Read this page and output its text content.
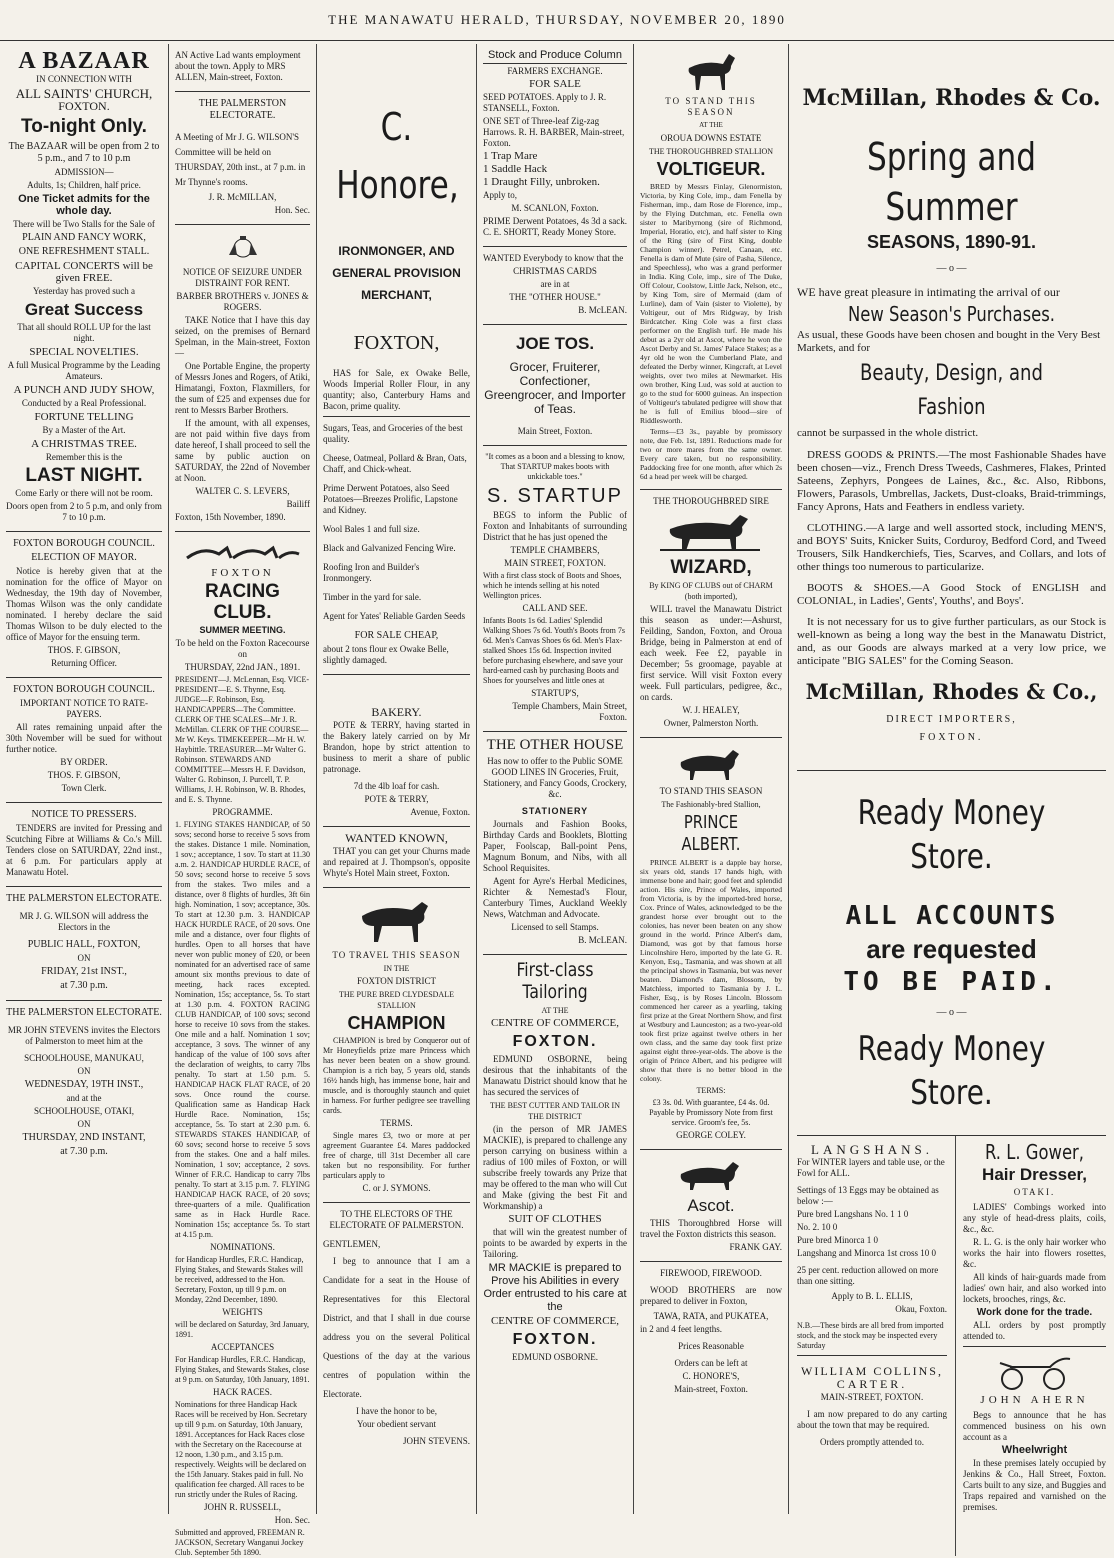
THE MANAWATU HERALD, THURSDAY, NOVEMBER 20, 1890
A BAZAAR
IN CONNECTION WITH
ALL SAINTS' CHURCH,
FOXTON.
To-night Only.

The BAZAAR will be open from 2 to 5 p.m., and 7 to 10 p.m

ADMISSION—

Adults, 1s; Children, half price.

One Ticket admits for the whole day.

There will be Two Stalls for the Sale of

PLAIN AND FANCY WORK,

ONE REFRESHMENT STALL.

CAPITAL CONCERTS will be given FREE.

Yesterday has proved such a

Great Success

That all should ROLL UP for the last night.

SPECIAL NOVELTIES.

A full Musical Programme by the Leading Amateurs.

A PUNCH AND JUDY SHOW,

Conducted by a Real Professional.

FORTUNE TELLING

By a Master of the Art.

A CHRISTMAS TREE.

Remember this is the

LAST NIGHT.

Come Early or there will not be room.

Doors open from 2 to 5 p.m, and only from 7 to 10 p.m.

FOXTON BOROUGH COUNCIL.

ELECTION OF MAYOR.

Notice is hereby given that at the nomination for the office of Mayor on Wednesday, the 19th day of November, Thomas Wilson was the only candidate nominated. I hereby declare the said Thomas Wilson to be duly elected to the office of Mayor for the ensuing term.

THOS. F. GIBSON,

Returning Officer.

FOXTON BOROUGH COUNCIL.

IMPORTANT NOTICE TO RATE-PAYERS.

All rates remaining unpaid after the 30th November will be sued for without further notice.

BY ORDER.

THOS. F. GIBSON,

Town Clerk.

NOTICE TO PRESSERS.

TENDERS are invited for Pressing and Scutching Fibre at Williams & Co.'s Mill. Tenders close on SATURDAY, 22nd inst., at 6 p.m. For particulars apply at Manawatu Hotel.

THE PALMERSTON ELECTORATE.

MR J. G. WILSON will address the Electors in the

PUBLIC HALL, FOXTON,

ON

FRIDAY, 21st INST.,

at 7.30 p.m.

THE PALMERSTON ELECTORATE.

MR JOHN STEVENS invites the Electors of Palmerston to meet him at the

SCHOOLHOUSE, MANUKAU,

ON

WEDNESDAY, 19TH INST.,

and at the

SCHOOLHOUSE, OTAKI,

ON

THURSDAY, 2ND INSTANT,

at 7.30 p.m.

AN Active Lad wants employment about the town. Apply to MRS ALLEN, Main-street, Foxton.

THE PALMERSTON ELECTORATE.

A Meeting of Mr J. G. WILSON'S Committee will be held on THURSDAY, 20th inst., at 7 p.m. in Mr Thynne's rooms.

J. R. McMILLAN,

Hon. Sec.

NOTICE OF SEIZURE UNDER DISTRAINT FOR RENT.

BARBER BROTHERS v. JONES & ROGERS.

TAKE Notice that I have this day seized, on the premises of Bernard Spelman, in the Main-street, Foxton—

One Portable Engine, the property of Messrs Jones and Rogers, of Atiki, Himatangi, Foxton, Flaxmillers, for the sum of £25 and expenses due for rent to Messrs Barber Brothers.

If the amount, with all expenses, are not paid within five days from date hereof, I shall proceed to sell the same by public auction on SATURDAY, the 22nd of November at Noon.

WALTER C. S. LEVERS,

Bailiff

Foxton, 15th November, 1890.

FOXTON

RACING CLUB.

SUMMER MEETING.

To be held on the Foxton Racecourse on

THURSDAY, 22nd JAN., 1891.

PRESIDENT—J. McLennan, Esq. VICE-PRESIDENT—E. S. Thynne, Esq. JUDGE—F. Robinson, Esq. HANDICAPPERS—The Committee. CLERK OF THE SCALES—Mr J. R. McMillan. CLERK OF THE COURSE—Mr W. Keys. TIMEKEEPER—Mr H. W. Haybittle. TREASURER—Mr Walter G. Robinson. STEWARDS AND COMMITTEE—Messrs H. F. Davidson, Walter G. Robinson, J. Purcell, T. P. Williams, J. H. Robinson, W. B. Rhodes, and E. S. Thynne.

PROGRAMME.

1. FLYING STAKES HANDICAP, of 50 sovs; second horse to receive 5 sovs from the stakes. Distance 1 mile. Nomination, 1 sov.; acceptance, 1 sov. To start at 11.30 a.m. 2. HANDICAP HURDLE RACE, of 50 sovs; second horse to receive 5 sovs from the stakes. Two miles and a distance, over 8 flights of hurdles, 3ft 6in high. Nomination, 1 sov; acceptance, 30s. To start at 12.30 p.m. 3. HANDICAP HACK HURDLE RACE, of 20 sovs. One mile and a distance, over four flights of hurdles. Open to all horses that have never won public money of £20, or been nominated for an advertised race of same amount six months previous to date of meeting, hack races excepted. Nomination, 15s; acceptance, 5s. To start at 1.30 p.m. 4. FOXTON RACING CLUB HANDICAP, of 100 sovs; second horse to receive 10 sovs from the stakes. One mile and a half. Nomination 1 sov; acceptance, 3 sovs. The winner of any handicap of the value of 100 sovs after the declaration of weights, to carry 7lbs penalty. To start at 1.50 p.m. 5. HANDICAP HACK FLAT RACE, of 20 sovs. Once round the course. Qualification same as Handicap Hack Hurdle Race. Nomination, 15s; acceptance, 5s. To start at 2.30 p.m. 6. STEWARDS STAKES HANDICAP, of 60 sovs; second horse to receive 5 sovs from the stakes. One and a half miles. Nomination, 1 sov; acceptance, 2 sovs. Winner of F.R.C. Handicap to carry 7lbs penalty. To start at 3.15 p.m. 7. FLYING HANDICAP HACK RACE, of 20 sovs; three-quarters of a mile. Qualification same as in Hack Hurdle Race. Nomination 15s; acceptance 5s. To start at 4.15 p.m.

NOMINATIONS.

for Handicap Hurdles, F.R.C. Handicap, Flying Stakes, and Stewards Stakes will be received, addressed to the Hon. Secretary, Foxton, up till 9 p.m. on Monday, 22nd December, 1890.

WEIGHTS

will be declared on Saturday, 3rd January, 1891.

ACCEPTANCES

For Handicap Hurdles, F.R.C. Handicap, Flying Stakes, and Stewards Stakes, close at 9 p.m. on Saturday, 10th January, 1891.

HACK RACES.

Nominations for three Handicap Hack Races will be received by Hon. Secretary up till 9 p.m. on Saturday, 10th January, 1891. Acceptances for Hack Races close with the Secretary on the Racecourse at 12 noon, 1.30 p.m., and 3.15 p.m. respectively. Weights will be declared on the 15th January. Stakes paid in full. No qualification fee charged. All races to be run strictly under the Rules of Racing.

JOHN R. RUSSELL,

Hon. Sec.

Submitted and approved, FREEMAN R. JACKSON, Secretary Wanganui Jockey Club. September 5th 1890.

C. Honore,

IRONMONGER, AND GENERAL PROVISION MERCHANT,

FOXTON,

HAS for Sale, ex Owake Belle, Woods Imperial Roller Flour, in any quantity; also, Canterbury Hams and Bacon, prime quality.

Sugars, Teas, and Groceries of the best quality.

Cheese, Oatmeal, Pollard & Bran, Oats, Chaff, and Chick-wheat.

Prime Derwent Potatoes, also Seed Potatoes—Breezes Prolific, Lapstone and Kidney.

Wool Bales 1 and full size.

Black and Galvanized Fencing Wire.

Roofing Iron and Builder's Ironmongery.

Timber in the yard for sale.

Agent for Yates' Reliable Garden Seeds

FOR SALE CHEAP,

about 2 tons flour ex Owake Belle, slightly damaged.

BAKERY.

POTE & TERRY, having started in the Bakery lately carried on by Mr Brandon, hope by strict attention to business to merit a share of public patronage.

7d the 4lb loaf for cash.

POTE & TERRY,

Avenue, Foxton.

WANTED KNOWN,

THAT you can get your Churns made and repaired at J. Thompson's, opposite Whyte's Hotel Main street, Foxton.

TO TRAVEL THIS SEASON

IN THE

FOXTON DISTRICT

THE PURE BRED CLYDESDALE STALLION

CHAMPION

CHAMPION is bred by Conqueror out of Mr Honeyfields prize mare Princess which has never been beaten on a show ground. Champion is a rich bay, 5 years old, stands 16½ hands high, has immense bone, hair and muscle, and is thoroughly staunch and quiet in harness. For further pedigree see travelling cards.

TERMS.

Single mares £3, two or more at per agreement Guarantee £4. Mares paddocked free of charge, till 31st December all care taken but no responsibility. For further particulars apply to

C. or J. SYMONS.

TO THE ELECTORS OF THE ELECTORATE OF PALMERSTON.

GENTLEMEN,

I beg to announce that I am a Candidate for a seat in the House of Representatives for this Electoral District, and that I shall in due course address you on the several Political Questions of the day at the various centres of population within the Electorate.

I have the honor to be,

Your obedient servant

JOHN STEVENS.

Stock and Produce Column

FARMERS EXCHANGE.

FOR SALE

SEED POTATOES. Apply to J. R. STANSELL, Foxton.

ONE SET of Three-leaf Zig-zag Harrows. R. H. BARBER, Main-street, Foxton.

1 Trap Mare

1 Saddle Hack

1 Draught Filly, unbroken.

Apply to,

M. SCANLON, Foxton.

PRIME Derwent Potatoes, 4s 3d a sack. C. E. SHORTT, Ready Money Store.

WANTED Everybody to know that the

CHRISTMAS CARDS

are in at

THE "OTHER HOUSE."

B. McLEAN.

JOE TOS.

Grocer, Fruiterer, Confectioner, Greengrocer, and Importer of Teas.

Main Street, Foxton.

"It comes as a boon and a blessing to know, That STARTUP makes boots with unkickable toes."

S. STARTUP

BEGS to inform the Public of Foxton and Inhabitants of surrounding District that he has just opened the

TEMPLE CHAMBERS,

MAIN STREET, FOXTON.

With a first class stock of Boots and Shoes, which he intends selling at his noted Wellington prices.

CALL AND SEE.

Infants Boots 1s 6d. Ladies' Splendid Walking Shoes 7s 6d. Youth's Boots from 7s 6d. Men's Canvas Shoes 6s 6d. Men's Flax-stalked Shoes 15s 6d. Inspection invited before purchasing elsewhere, and save your hard-earned cash by purchasing Boots and Shoes for yourselves and little ones at

STARTUP'S,

Temple Chambers, Main Street, Foxton.

THE OTHER HOUSE

Has now to offer to the Public SOME GOOD LINES IN Groceries, Fruit, Stationery, and Fancy Goods, Crockery, &c.

STATIONERY

Journals and Fashion Books, Birthday Cards and Booklets, Blotting Paper, Foolscap, Ball-point Pens, Magnum Bonum, and Nibs, with all School Requisites.

Agent for Ayre's Herbal Medicines, Richter & Nemestad's Flour, Canterbury Times, Auckland Weekly News, Watchman and Advocate.

Licensed to sell Stamps.

B. McLEAN.

First-class Tailoring

AT THE

CENTRE OF COMMERCE,

FOXTON.

EDMUND OSBORNE, being desirous that the inhabitants of the Manawatu District should know that he has secured the services of

THE BEST CUTTER AND TAILOR IN THE DISTRICT

(in the person of MR JAMES MACKIE), is prepared to challenge any person carrying on business within a radius of 100 miles of Foxton, or will subscribe freely towards any Prize that may be offered to the man who will Cut and Make (giving the best Fit and Workmanship) a

SUIT OF CLOTHES

that will win the greatest number of points to be awarded by experts in the Tailoring.

MR MACKIE is prepared to Prove his Abilities in every Order entrusted to his care at the

CENTRE OF COMMERCE,

FOXTON.

EDMUND OSBORNE.

TO STAND THIS SEASON

AT THE

OROUA DOWNS ESTATE

THE THOROUGHBRED STALLION

VOLTIGEUR.

BRED by Messrs Finlay, Glenormiston, Victoria, by King Cole, imp., dam Fenella by Fisherman, imp., dam Rose de Florence, imp., by the Flying Dutchman, etc. Fenella own sister to Maribyrnong (sire of Richmond, Imperial, Horatio, etc), and half sister to King of the Ring (sire of First King, double Champion winner). Petrel, Canaan, etc. Fenella is dam of Mute (sire of Pasha, Silence, and Speechless), who was a grand performer in India. King Cole, imp., sire of The Duke, Off Colour, Coolstow, Little Jack, Nelson, etc., by King Tom, sire of Mermaid (dam of Lurline), dam of Vain (sister to Violette), by Voltigeur, out of Mrs Ridgway, by Irish Birdcatcher. King Cole was a first class performer on the English turf. He made his debut as a 2yr old at Ascot, where he won the Ascot Derby and St. James' Palace Stakes; as a 4yr old he won the Cumberland Plate, and defeated the Derby winner, Kingcraft, at Level weights, over two miles at Newmarket. His own brother, King Lud, was sold at auction to go to the stud for 6000 guineas. An inspection of Voltigeur's tabulated pedigree will show that he is full of Emilius blood—sire of Riddlesworth.

Terms—£3 3s., payable by promissory note, due Feb. 1st, 1891. Reductions made for two or more mares from the same owner. Every care taken, but no responsibility. Paddocking free for one month, after which 2s 6d a head per week will be charged.

THE THOROUGHBRED SIRE

WIZARD,

By KING OF CLUBS out of CHARM (both imported),

WILL travel the Manawatu District this season as under:—Ashurst, Feilding, Sandon, Foxton, and Oroua Bridge, being in Palmerston at end of each week. Fee £2, payable in December; 5s groomage, payable at first service. Will visit Foxton every week. Full particulars, pedigree, &c., on cards.

W. J. HEALEY,

Owner, Palmerston North.

TO STAND THIS SEASON

The Fashionably-bred Stallion,

PRINCE ALBERT.

PRINCE ALBERT is a dapple bay horse, six years old, stands 17 hands high, with immense bone and hair; good feet and splendid action. His sire, Prince of Wales, imported from Victoria, is by the imported-bred horse, Cox. Prince of Wales, acknowledged to be the grandest horse ever brought out to the colonies, has never been beaten on any show ground in the world. Prince Albert's dam, Diamond, was got by that famous horse Lincolnshire Hero, imported by the late G. R. Kenyon, Esq., Tasmania, and was shown at all the principal shows in Tasmania, but was never beaten. Diamond's dam, Blossom, by Matchless, imported to Tasmania by J. L. Fisher, Esq., is by Roses Lincoln. Blossom commenced her career as a yearling, taking first prize at the Great Northern Show, and first at Westbury and Launceston; as a two-year-old took first prize against twelve others in her own class, and the same day took first prize against eight three-year-olds. The above is the origin of Prince Albert, and his pedigree will show that there is no better blood in the colony.

TERMS:

£3 3s. 0d. With guarantee, £4 4s. 0d. Payable by Promissory Note from first service. Groom's fee, 5s.

GEORGE COLEY.

Ascot.

THIS Thoroughbred Horse will travel the Foxton districts this season.

FRANK GAY.

FIREWOOD, FIREWOOD.

WOOD BROTHERS are now prepared to deliver in Foxton,

TAWA, RATA, and PUKATEA,

in 2 and 4 feet lengths.

Prices Reasonable

Orders can be left at

C. HONORE'S,

Main-street, Foxton.

McMillan, Rhodes & Co.
Spring and Summer
SEASONS, 1890-91.

— o —

WE have great pleasure in intimating the arrival of our

New Season's Purchases.

As usual, these Goods have been chosen and bought in the Very Best Markets, and for

Beauty, Design, and Fashion

cannot be surpassed in the whole district.

DRESS GOODS & PRINTS.—The most Fashionable Shades have been chosen—viz., French Dress Tweeds, Cashmeres, Flakes, Printed Sateens, Zephyrs, Pongees de Laines, &c., &c. Also, Ribbons, Flowers, Parasols, Umbrellas, Jackets, Dust-cloaks, Braid-trimmings, Fancy Aprons, Hats and Feathers in endless variety.

CLOTHING.—A large and well assorted stock, including MEN'S, and BOYS' Suits, Knicker Suits, Corduroy, Bedford Cord, and Tweed Trousers, Silk Handkerchiefs, Ties, Scarves, and Collars, and lots of other things too numerous to particularize.

BOOTS & SHOES.—A Good Stock of ENGLISH and COLONIAL, in Ladies', Gents', Youths', and Boys'.

It is not necessary for us to give further particulars, as our Stock is well-known as being a long way the best in the Manawatu District, and, as our Goods are always marked at a very low price, we anticipate "BIG SALES" for the Coming Season.

McMillan, Rhodes & Co.,

DIRECT IMPORTERS,

FOXTON.

Ready Money Store.
ALL ACCOUNTS
are requested
TO BE PAID.

— o —

Ready Money Store.

LANGSHANS.

For WINTER layers and table use, or the Fowl for ALL.

Settings of 13 Eggs may be obtained as below :—

Pure bred Langshans No. 1 1 0

No. 2. 10 0

Pure bred Minorca 1 0

Langshang and Minorca 1st cross 10 0

25 per cent. reduction allowed on more than one sitting.

Apply to B. L. ELLIS,

Okau, Foxton.

N.B.—These birds are all bred from imported stock, and the stock may be inspected every Saturday

WILLIAM COLLINS,

CARTER.

MAIN-STREET, FOXTON.

I am now prepared to do any carting about the town that may be required.

Orders promptly attended to.

R. L. Gower,
Hair Dresser,

OTAKI.

LADIES' Combings worked into any style of head-dress plaits, coils, &c., &c.

R. L. G. is the only hair worker who works the hair into flowers rosettes, &c.

All kinds of hair-guards made from ladies' own hair, and also worked into lockets, brooches, rings, &c.

Work done for the trade.

ALL orders by post promptly attended to.

JOHN AHERN

Begs to announce that he has commenced business on his own account as a

Wheelwright

In these premises lately occupied by Jenkins & Co., Hall Street, Foxton. Carts built to any size, and Buggies and Traps repaired and varnished on the premises.
